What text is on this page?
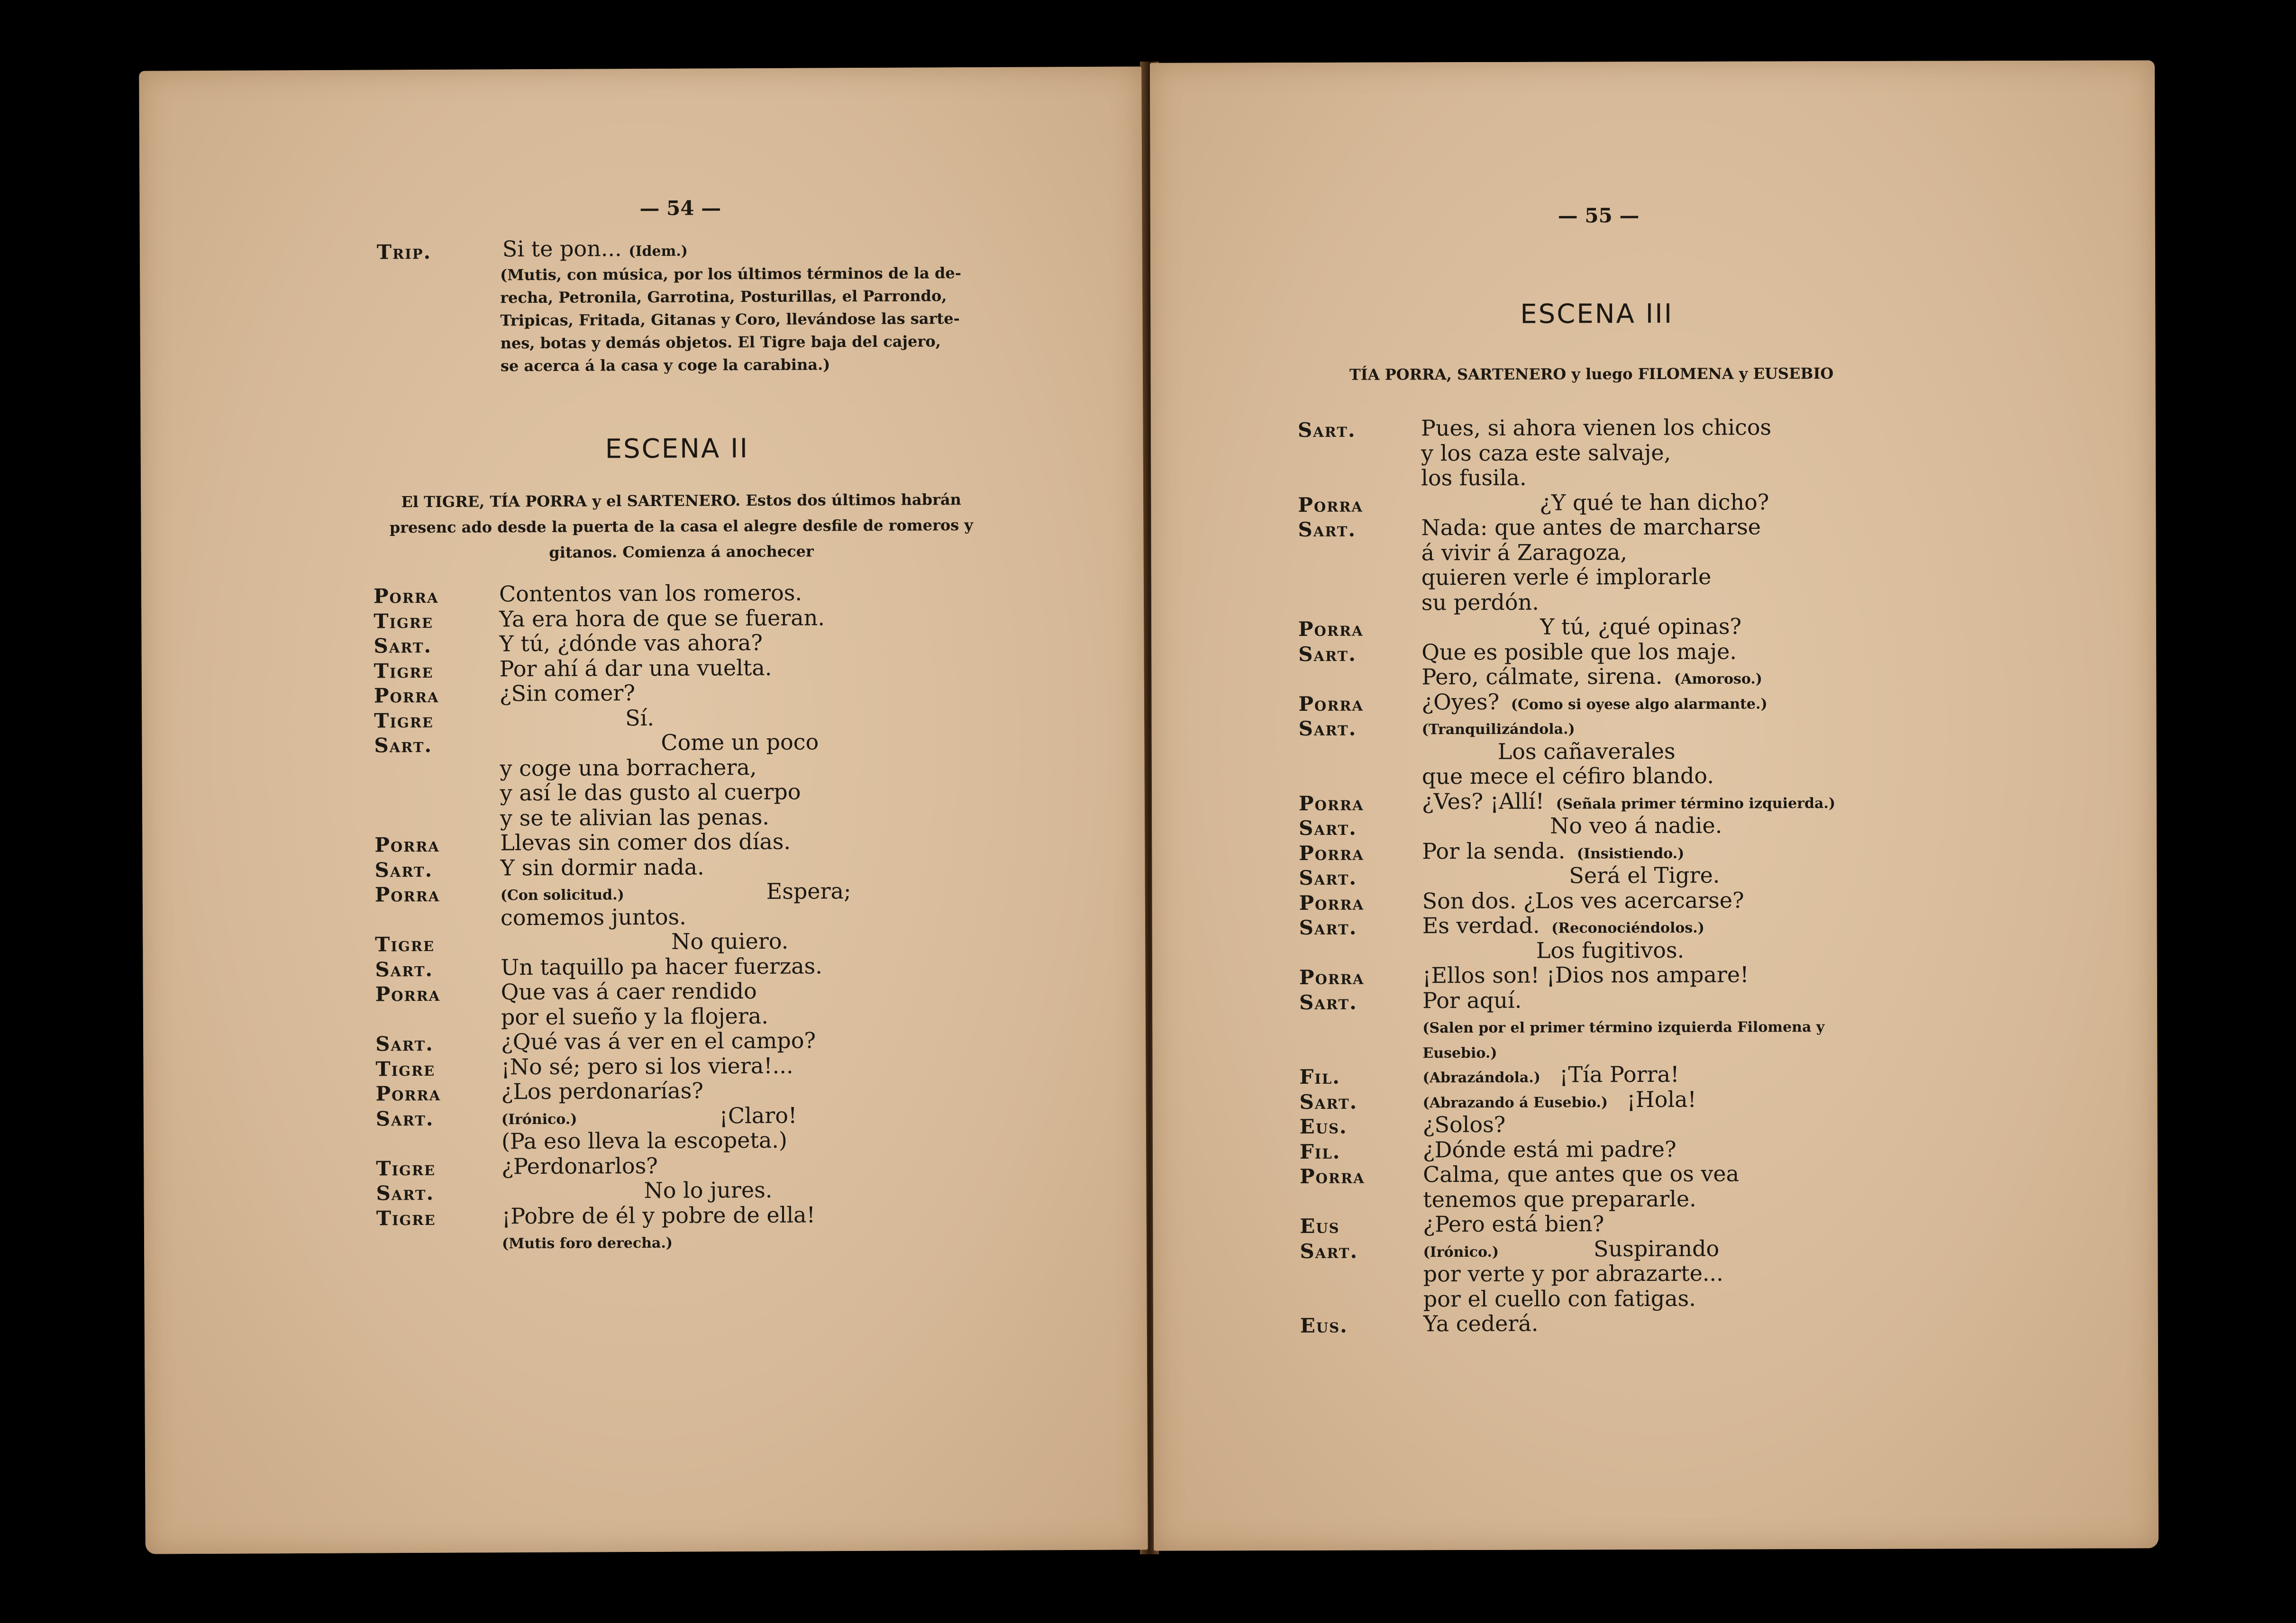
— 54 —
Trip.	Si te pon... (Idem.)
(Mutis, con música, por los últimos términos de la de-
recha, Petronila, Garrotina, Posturillas, el Parrondo,
Tripicas, Fritada, Gitanas y Coro, llevándose las sarte-
nes, botas y demás objetos. El Tigre baja del cajero,
se acerca á la casa y coge la carabina.)
ESCENA II
El TIGRE, TÍA PORRA y el SARTENERO. Estos dos últimos habrán
presenc ado desde la puerta de la casa el alegre desfile de romeros y
gitanos. Comienza á anochecer
Porra	Contentos van los romeros.
Tigre	Ya era hora de que se fueran.
Sart.	Y tú, ¿dónde vas ahora?
Tigre	Por ahí á dar una vuelta.
Porra	¿Sin comer?
Tigre	Sí.
Sart.	Come un poco
y coge una borrachera,
y así le das gusto al cuerpo
y se te alivian las penas.
Porra	Llevas sin comer dos días.
Sart.	Y sin dormir nada.
Porra	(Con solicitud.)	Espera;
comemos juntos.
Tigre	No quiero.
Sart.	Un taquillo pa hacer fuerzas.
Porra	Que vas á caer rendido
por el sueño y la flojera.
Sart.	¿Qué vas á ver en el campo?
Tigre	¡No sé; pero si los viera!...
Porra	¿Los perdonarías?
Sart.	(Irónico.)	¡Claro!
(Pa eso lleva la escopeta.)
Tigre	¿Perdonarlos?
Sart.	No lo jures.
Tigre	¡Pobre de él y pobre de ella!
(Mutis foro derecha.)
— 55 —
ESCENA III
TÍA PORRA, SARTENERO y luego FILOMENA y EUSEBIO
Sart.	Pues, si ahora vienen los chicos
y los caza este salvaje,
los fusila.
Porra	¿Y qué te han dicho?
Sart.	Nada: que antes de marcharse
á vivir á Zaragoza,
quieren verle é implorarle
su perdón.
Porra	Y tú, ¿qué opinas?
Sart.	Que es posible que los maje.
Pero, cálmate, sirena. (Amoroso.)
Porra	¿Oyes? (Como si oyese algo alarmante.)
Sart.	(Tranquilizándola.)
Los cañaverales
que mece el céfiro blando.
Porra	¿Ves? ¡Allí! (Señala primer término izquierda.)
Sart.	No veo á nadie.
Porra	Por la senda. (Insistiendo.)
Sart.	Será el Tigre.
Porra	Son dos. ¿Los ves acercarse?
Sart.	Es verdad. (Reconociéndolos.)
Los fugitivos.
Porra	¡Ellos son! ¡Dios nos ampare!
Sart.	Por aquí.
(Salen por el primer término izquierda Filomena y
Eusebio.)
Fil.	(Abrazándola.) ¡Tía Porra!
Sart.	(Abrazando á Eusebio.) ¡Hola!
Eus.	¿Solos?
Fil.	¿Dónde está mi padre?
Porra	Calma, que antes que os vea
tenemos que prepararle.
Eus	¿Pero está bien?
Sart.	(Irónico.)	Suspirando
por verte y por abrazarte...
por el cuello con fatigas.
Eus.	Ya cederá.
